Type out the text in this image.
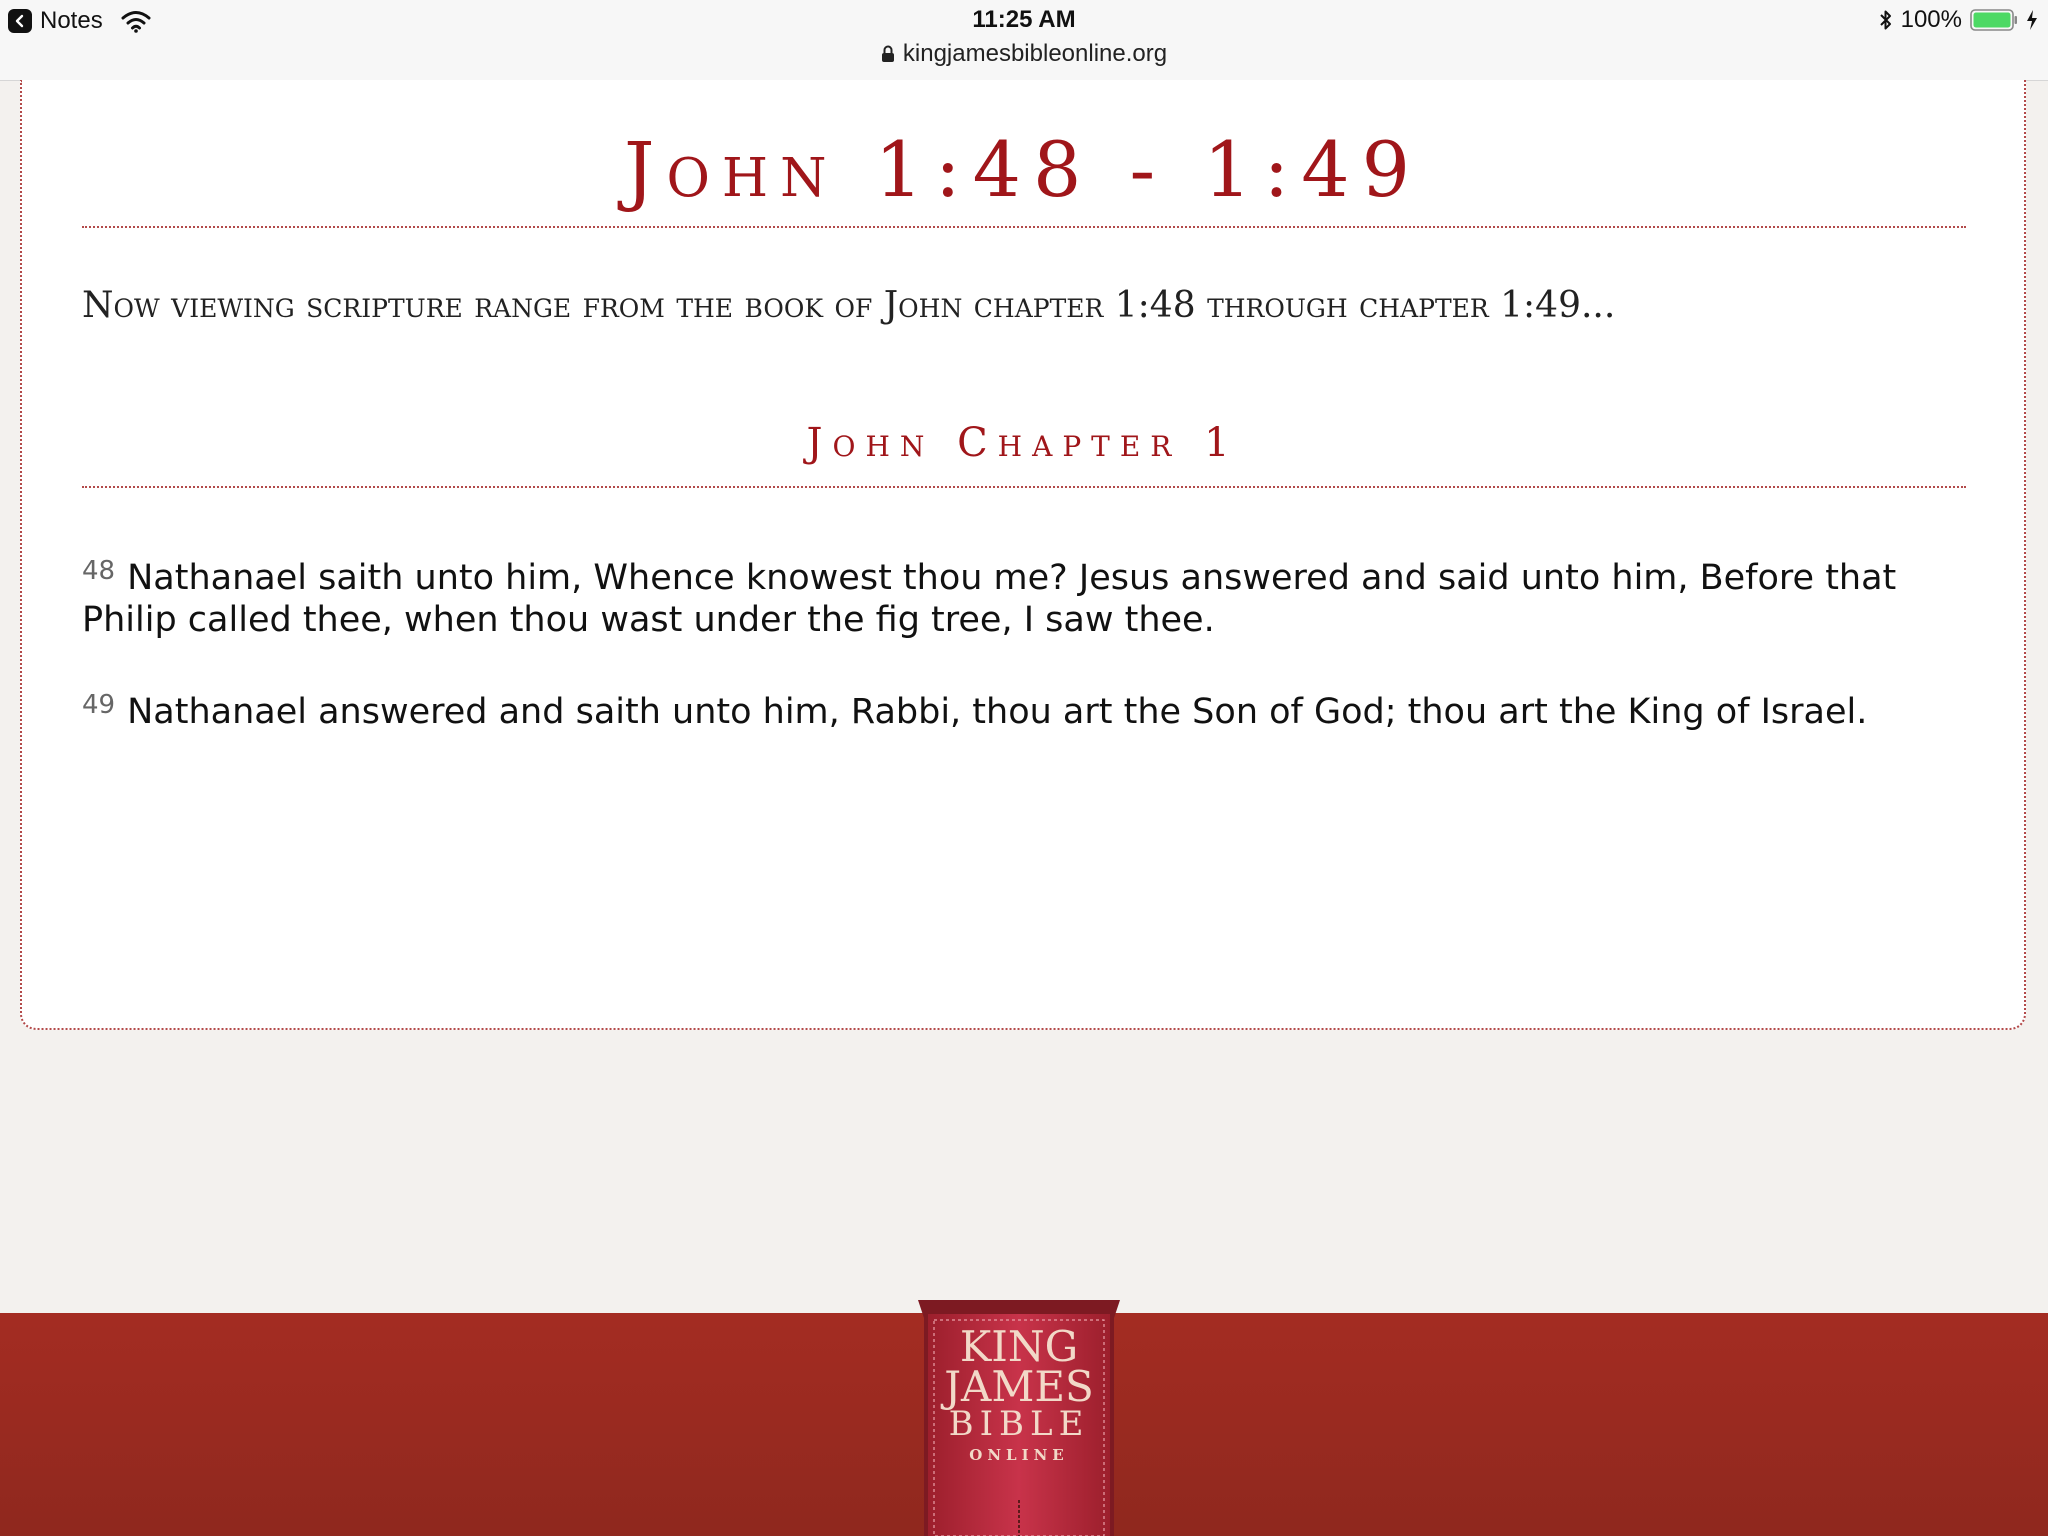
Notes	11:25 AM
kingjamesbibleonline.org
100%
John 1:48 - 1:49

Now viewing scripture range from the book of John chapter 1:48 through chapter 1:49...

John Chapter 1

$^{48}$ Nathanael saith unto him, Whence knowest thou me? Jesus answered and said unto him, Before that Philip called thee, when thou wast under the fig tree, I saw thee.

$^{49}$ Nathanael answered and saith unto him, Rabbi, thou art the Son of God; thou art the King of Israel.

KING
JAMES
BIBLE
ONLINE
